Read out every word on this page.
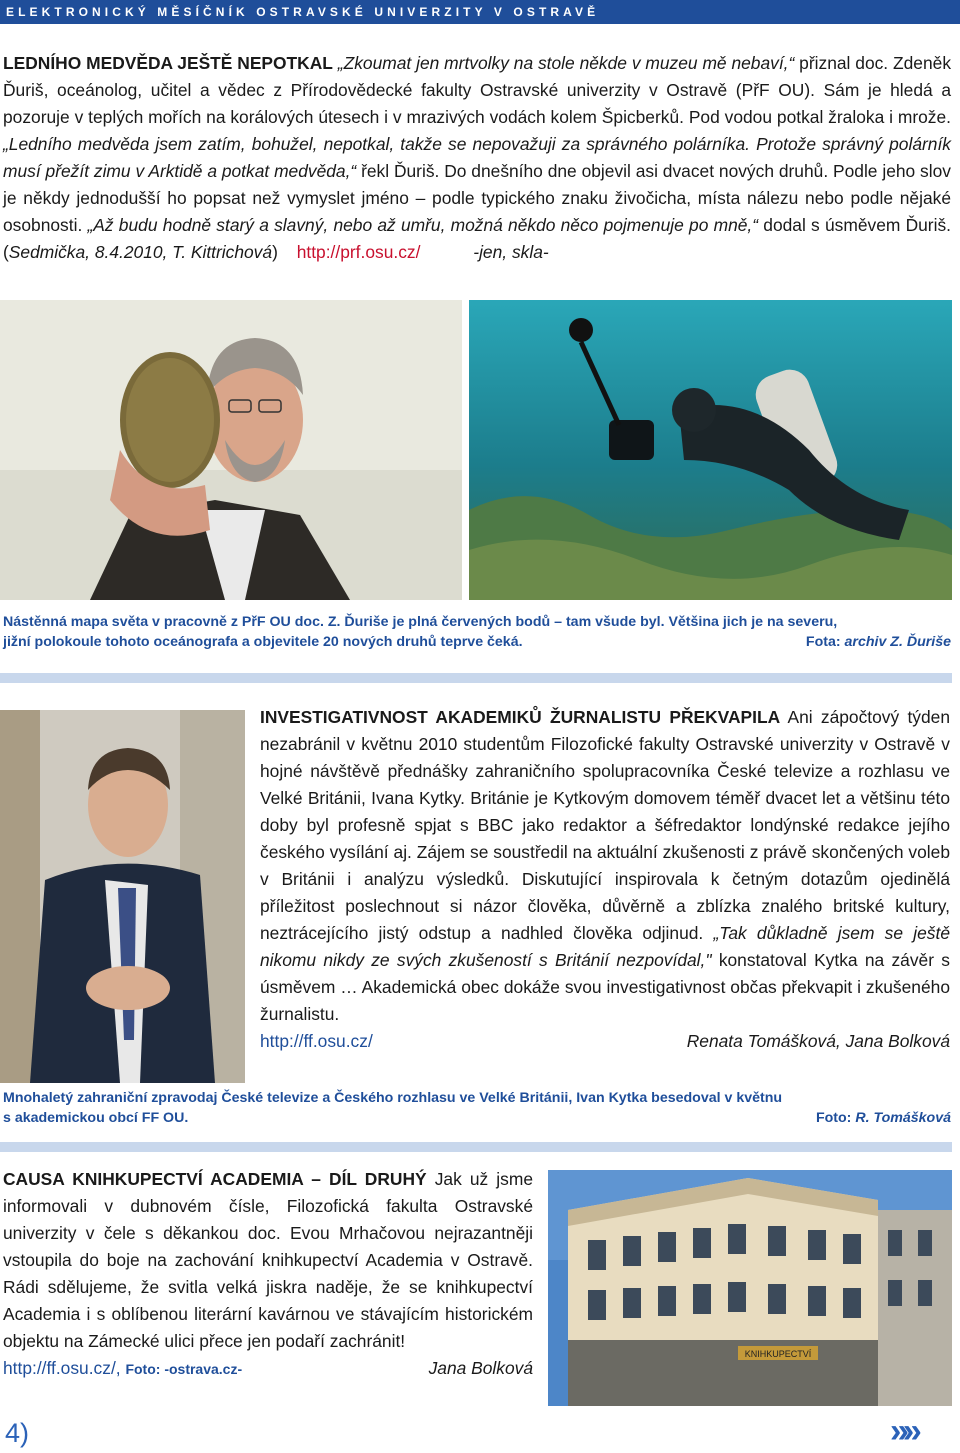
ELEKTRONICKÝ MĚSÍČNÍK OSTRAVSKÉ UNIVERZITY V OSTRAVĚ

LEDNÍHO MEDVĚDA JEŠTĚ NEPOTKAL „Zkoumat jen mrtvolky na stole někde v muzeu mě nebaví,“ přiznal doc. Zdeněk Ďuriš, oceánolog, učitel a vědec z Přírodovědecké fakulty Ostravské univerzity v Ostravě (PřF OU). Sám je hledá a pozoruje v teplých mořích na korálových útesech i v mrazivých vodách kolem Špicberků. Pod vodou potkal žraloka i mrože. „Ledního medvěda jsem zatím, bohužel, nepotkal, takže se nepovažuji za správného polárníka. Protože správný polárník musí přežít zimu v Arktidě a potkat medvěda,“ řekl Ďuriš. Do dnešního dne objevil asi dvacet nových druhů. Podle jeho slov je někdy jednodušší ho popsat než vymyslet jméno – podle typického znaku živočicha, místa nálezu nebo podle nějaké osobnosti. „Až budu hodně starý a slavný, nebo až umřu, možná někdo něco pojmenuje po mně,“ dodal s úsměvem Ďuriš. (Sedmička, 8.4.2010, T. Kittrichová) http://prf.osu.cz/	-jen, skla-

Nástěnná mapa světa v pracovně z PřF OU doc. Z. Ďuriše je plná červených bodů – tam všude byl. Většina jich je na severu,
jižní polokoule tohoto oceánografa a objevitele 20 nových druhů teprve čeká.	Fota: archiv Z. Ďuriše

INVESTIGATIVNOST AKADEMIKŮ ŽURNALISTU PŘEKVAPILA Ani zápočtový týden nezabránil v květnu 2010 studentům Filozofické fakulty Ostravské univerzity v Ostravě v hojné návštěvě přednášky zahraničního spolupracovníka České televize a rozhlasu ve Velké Británii, Ivana Kytky. Británie je Kytkovým domovem téměř dvacet let a většinu této doby byl profesně spjat s BBC jako redaktor a šéfredaktor londýnské redakce jejího českého vysílání aj. Zájem se soustředil na aktuální zkušenosti z právě skončených voleb v Británii i analýzu výsledků. Diskutující inspirovala k četným dotazům ojedinělá příležitost poslechnout si názor člověka, důvěrně a zblízka znalého britské kultury, neztrácejícího jistý odstup a nadhled člověka odjinud. „Tak důkladně jsem se ještě nikomu nikdy ze svých zkušeností s Británií nezpovídal," konstatoval Kytka na závěr s úsměvem … Akademická obec dokáže svou investigativnost občas překvapit i zkušeného žurnalistu.

http://ff.osu.cz/	Renata Tomášková, Jana Bolková
Mnohaletý zahraniční zpravodaj České televize a Českého rozhlasu ve Velké Británii, Ivan Kytka besedoval v květnu
s akademickou obcí FF OU.	Foto: R. Tomášková

CAUSA KNIHKUPECTVÍ ACADEMIA – DÍL DRUHÝ Jak už jsme informovali v dubnovém čísle, Filozofická fakulta Ostravské univerzity v čele s děkankou doc. Evou Mrhačovou nejrazantněji vstoupila do boje na zachování knihkupectví Academia v Ostravě. Rádi sdělujeme, že svitla velká jiskra naděje, že se knihkupectví Academia i s oblíbenou literární kavárnou ve stávajícím historickém objektu na Zámecké ulici přece jen podaří zachránit!

http://ff.osu.cz/, Foto: -ostrava.cz-	Jana Bolková
KNIHKUPECTVÍ
4)	»»
